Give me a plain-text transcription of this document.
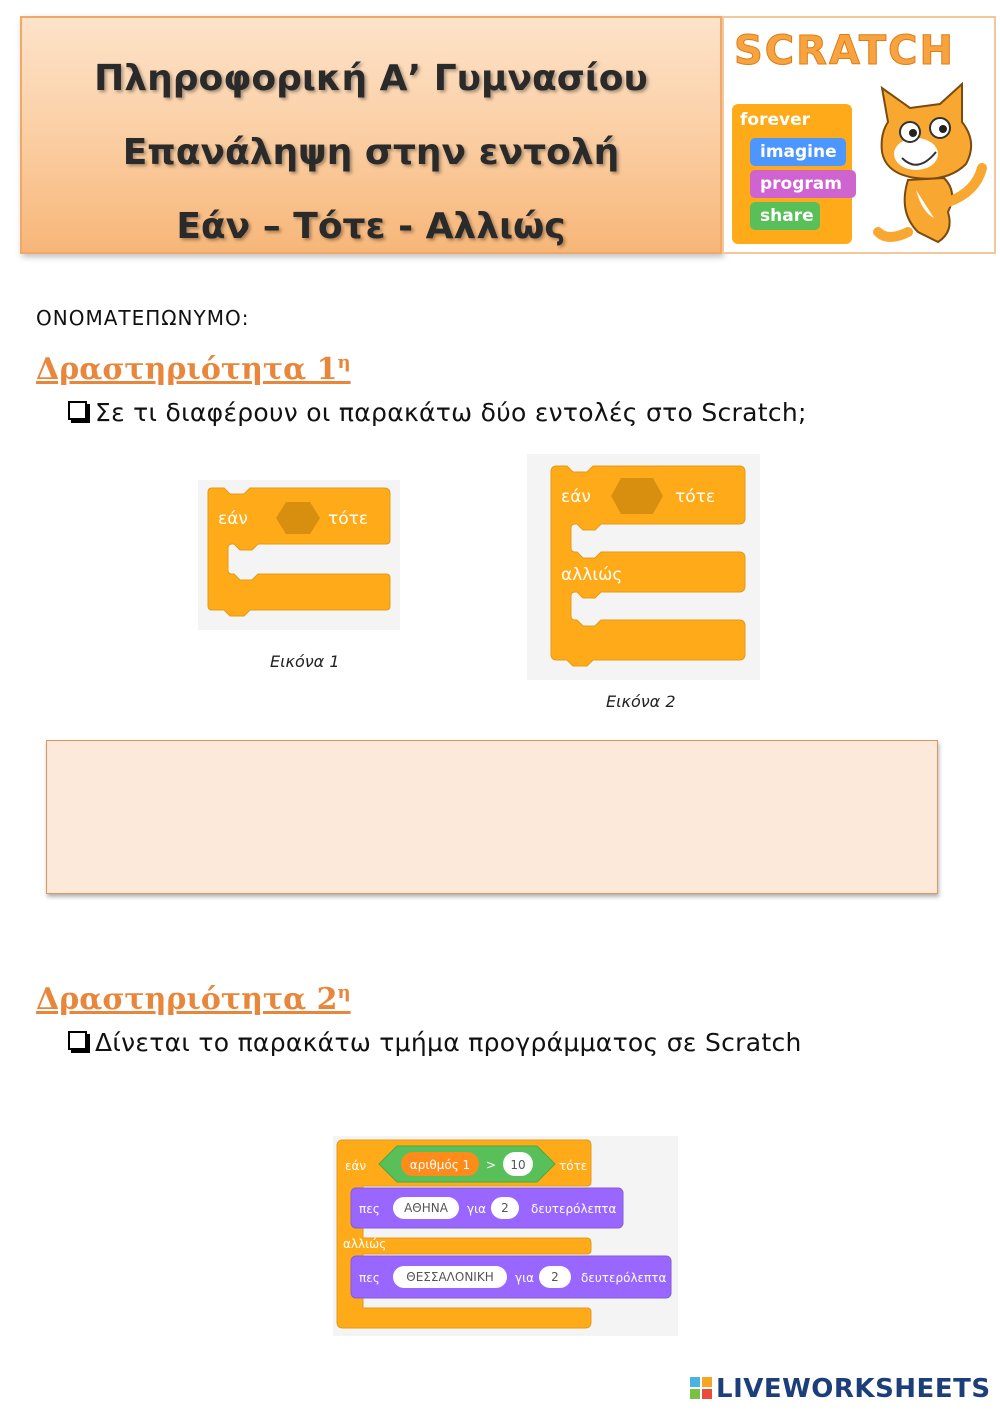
Πληροφορική Α’ Γυμνασίου
Επανάληψη στην εντολή
Εάν – Τότε - Αλλιώς
SCRATCH
forever
imagine
program
share
ΟΝΟΜΑΤΕΠΩΝΥΜΟ:
Δραστηριότητα $1^\eta$
Σε τι διαφέρουν οι παρακάτω δύο εντολές στο Scratch;
εάν	τότε
Εικόνα 1
εάν	τότε
αλλιώς
Εικόνα 2
Δραστηριότητα $2^\eta$
Δίνεται το παρακάτω τμήμα προγράμματος σε Scratch
εάν	αριθμός 1 > 10	τότε
πες ΑΘΗΝΑ για 2 δευτερόλεπτα
αλλιώς
πες ΘΕΣΣΑΛΟΝΙΚΗ για 2 δευτερόλεπτα
LIVEWORKSHEETS
